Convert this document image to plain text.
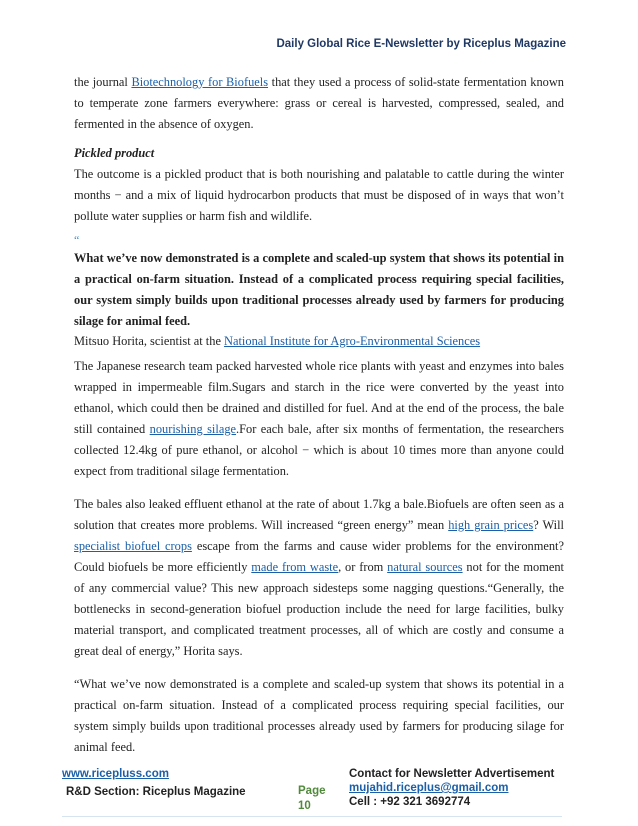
Daily Global Rice E-Newsletter by Riceplus Magazine

the journal Biotechnology for Biofuels that they used a process of solid-state fermentation known to temperate zone farmers everywhere: grass or cereal is harvested, compressed, sealed, and fermented in the absence of oxygen.

Pickled product

The outcome is a pickled product that is both nourishing and palatable to cattle during the winter months − and a mix of liquid hydrocarbon products that must be disposed of in ways that won’t pollute water supplies or harm fish and wildlife.

“

What we’ve now demonstrated is a complete and scaled-up system that shows its potential in a practical on-farm situation. Instead of a complicated process requiring special facilities, our system simply builds upon traditional processes already used by farmers for producing silage for animal feed.

Mitsuo Horita, scientist at the National Institute for Agro-Environmental Sciences

The Japanese research team packed harvested whole rice plants with yeast and enzymes into bales wrapped in impermeable film.Sugars and starch in the rice were converted by the yeast into ethanol, which could then be drained and distilled for fuel. And at the end of the process, the bale still contained nourishing silage.For each bale, after six months of fermentation, the researchers collected 12.4kg of pure ethanol, or alcohol − which is about 10 times more than anyone could expect from traditional silage fermentation.

The bales also leaked effluent ethanol at the rate of about 1.7kg a bale.Biofuels are often seen as a solution that creates more problems. Will increased “green energy” mean high grain prices? Will specialist biofuel crops escape from the farms and cause wider problems for the environment? Could biofuels be more efficiently made from waste, or from natural sources not for the moment of any commercial value? This new approach sidesteps some nagging questions.“Generally, the bottlenecks in second-generation biofuel production include the need for large facilities, bulky material transport, and complicated treatment processes, all of which are costly and consume a great deal of energy,” Horita says.

“What we’ve now demonstrated is a complete and scaled-up system that shows its potential in a practical on-farm situation. Instead of a complicated process requiring special facilities, our system simply builds upon traditional processes already used by farmers for producing silage for animal feed.

www.ricepluss.com
R&D Section: Riceplus Magazine	Page
10
Contact for Newsletter Advertisement
mujahid.riceplus@gmail.com
Cell : +92 321 3692774
